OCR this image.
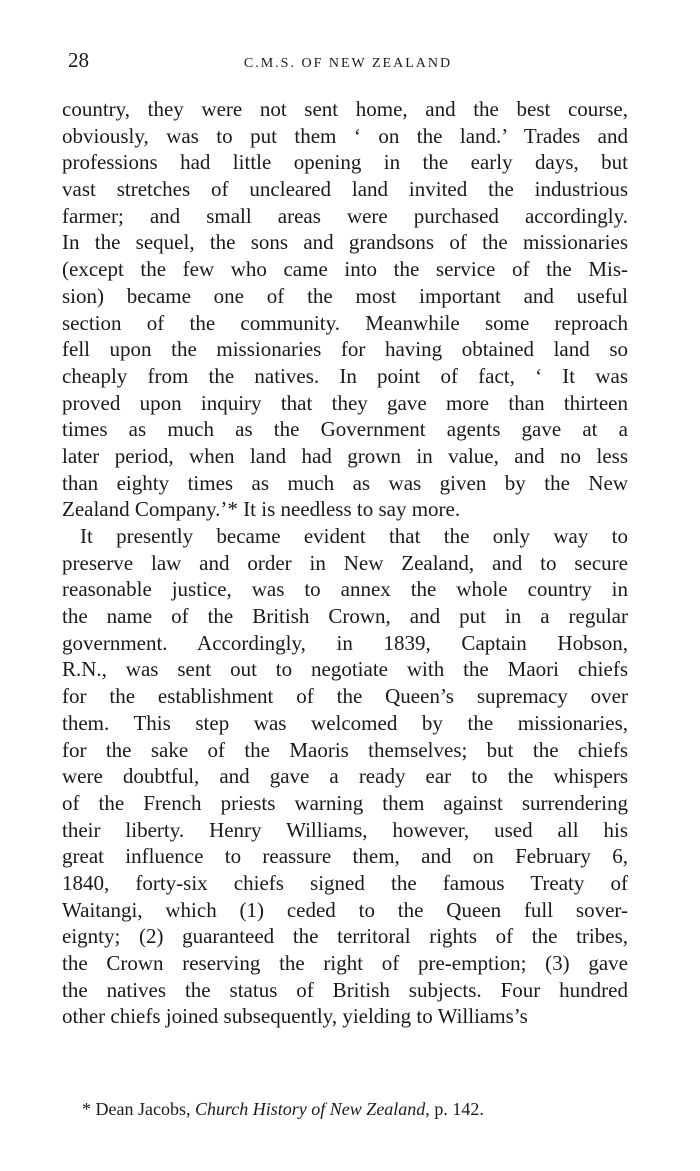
28	C.M.S. OF NEW ZEALAND
country, they were not sent home, and the best course,
obviously, was to put them ‘ on the land.’ Trades and
professions had little opening in the early days, but
vast stretches of uncleared land invited the industrious
farmer; and small areas were purchased accordingly.
In the sequel, the sons and grandsons of the missionaries
(except the few who came into the service of the Mis-
sion) became one of the most important and useful
section of the community. Meanwhile some reproach
fell upon the missionaries for having obtained land so
cheaply from the natives. In point of fact, ‘ It was
proved upon inquiry that they gave more than thirteen
times as much as the Government agents gave at a
later period, when land had grown in value, and no less
than eighty times as much as was given by the New
Zealand Company.’* It is needless to say more.
It presently became evident that the only way to
preserve law and order in New Zealand, and to secure
reasonable justice, was to annex the whole country in
the name of the British Crown, and put in a regular
government. Accordingly, in 1839, Captain Hobson,
R.N., was sent out to negotiate with the Maori chiefs
for the establishment of the Queen’s supremacy over
them. This step was welcomed by the missionaries,
for the sake of the Maoris themselves; but the chiefs
were doubtful, and gave a ready ear to the whispers
of the French priests warning them against surrendering
their liberty. Henry Williams, however, used all his
great influence to reassure them, and on February 6,
1840, forty-six chiefs signed the famous Treaty of
Waitangi, which (1) ceded to the Queen full sover-
eignty; (2) guaranteed the territoral rights of the tribes,
the Crown reserving the right of pre-emption; (3) gave
the natives the status of British subjects. Four hundred
other chiefs joined subsequently, yielding to Williams’s
* Dean Jacobs, Church History of New Zealand, p. 142.
